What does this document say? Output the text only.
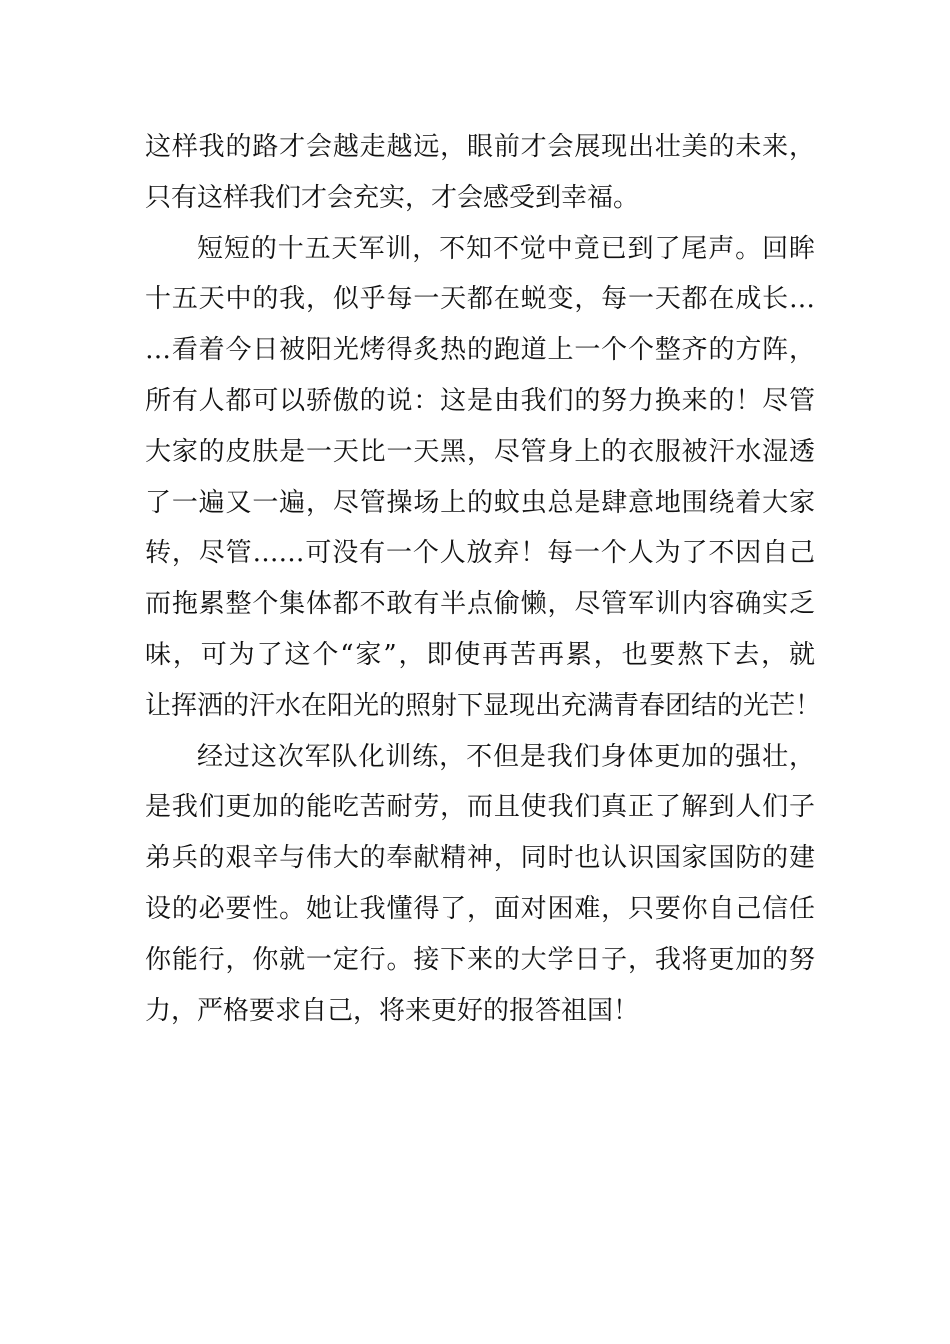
这样我的路才会越走越远，眼前才会展现出壮美的未来，
只有这样我们才会充实，才会感受到幸福。
短短的十五天军训，不知不觉中竟已到了尾声。回眸
十五天中的我，似乎每一天都在蜕变，每一天都在成长…
…看着今日被阳光烤得炙热的跑道上一个个整齐的方阵，
所有人都可以骄傲的说：这是由我们的努力换来的！尽管
大家的皮肤是一天比一天黑，尽管身上的衣服被汗水湿透
了一遍又一遍，尽管操场上的蚊虫总是肆意地围绕着大家
转，尽管……可没有一个人放弃！每一个人为了不因自己
而拖累整个集体都不敢有半点偷懒，尽管军训内容确实乏
味，可为了这个“家”，即使再苦再累，也要熬下去，就
让挥洒的汗水在阳光的照射下显现出充满青春团结的光芒！
经过这次军队化训练，不但是我们身体更加的强壮，
是我们更加的能吃苦耐劳，而且使我们真正了解到人们子
弟兵的艰辛与伟大的奉献精神，同时也认识国家国防的建
设的必要性。她让我懂得了，面对困难，只要你自己信任
你能行，你就一定行。接下来的大学日子，我将更加的努
力，严格要求自己，将来更好的报答祖国！
